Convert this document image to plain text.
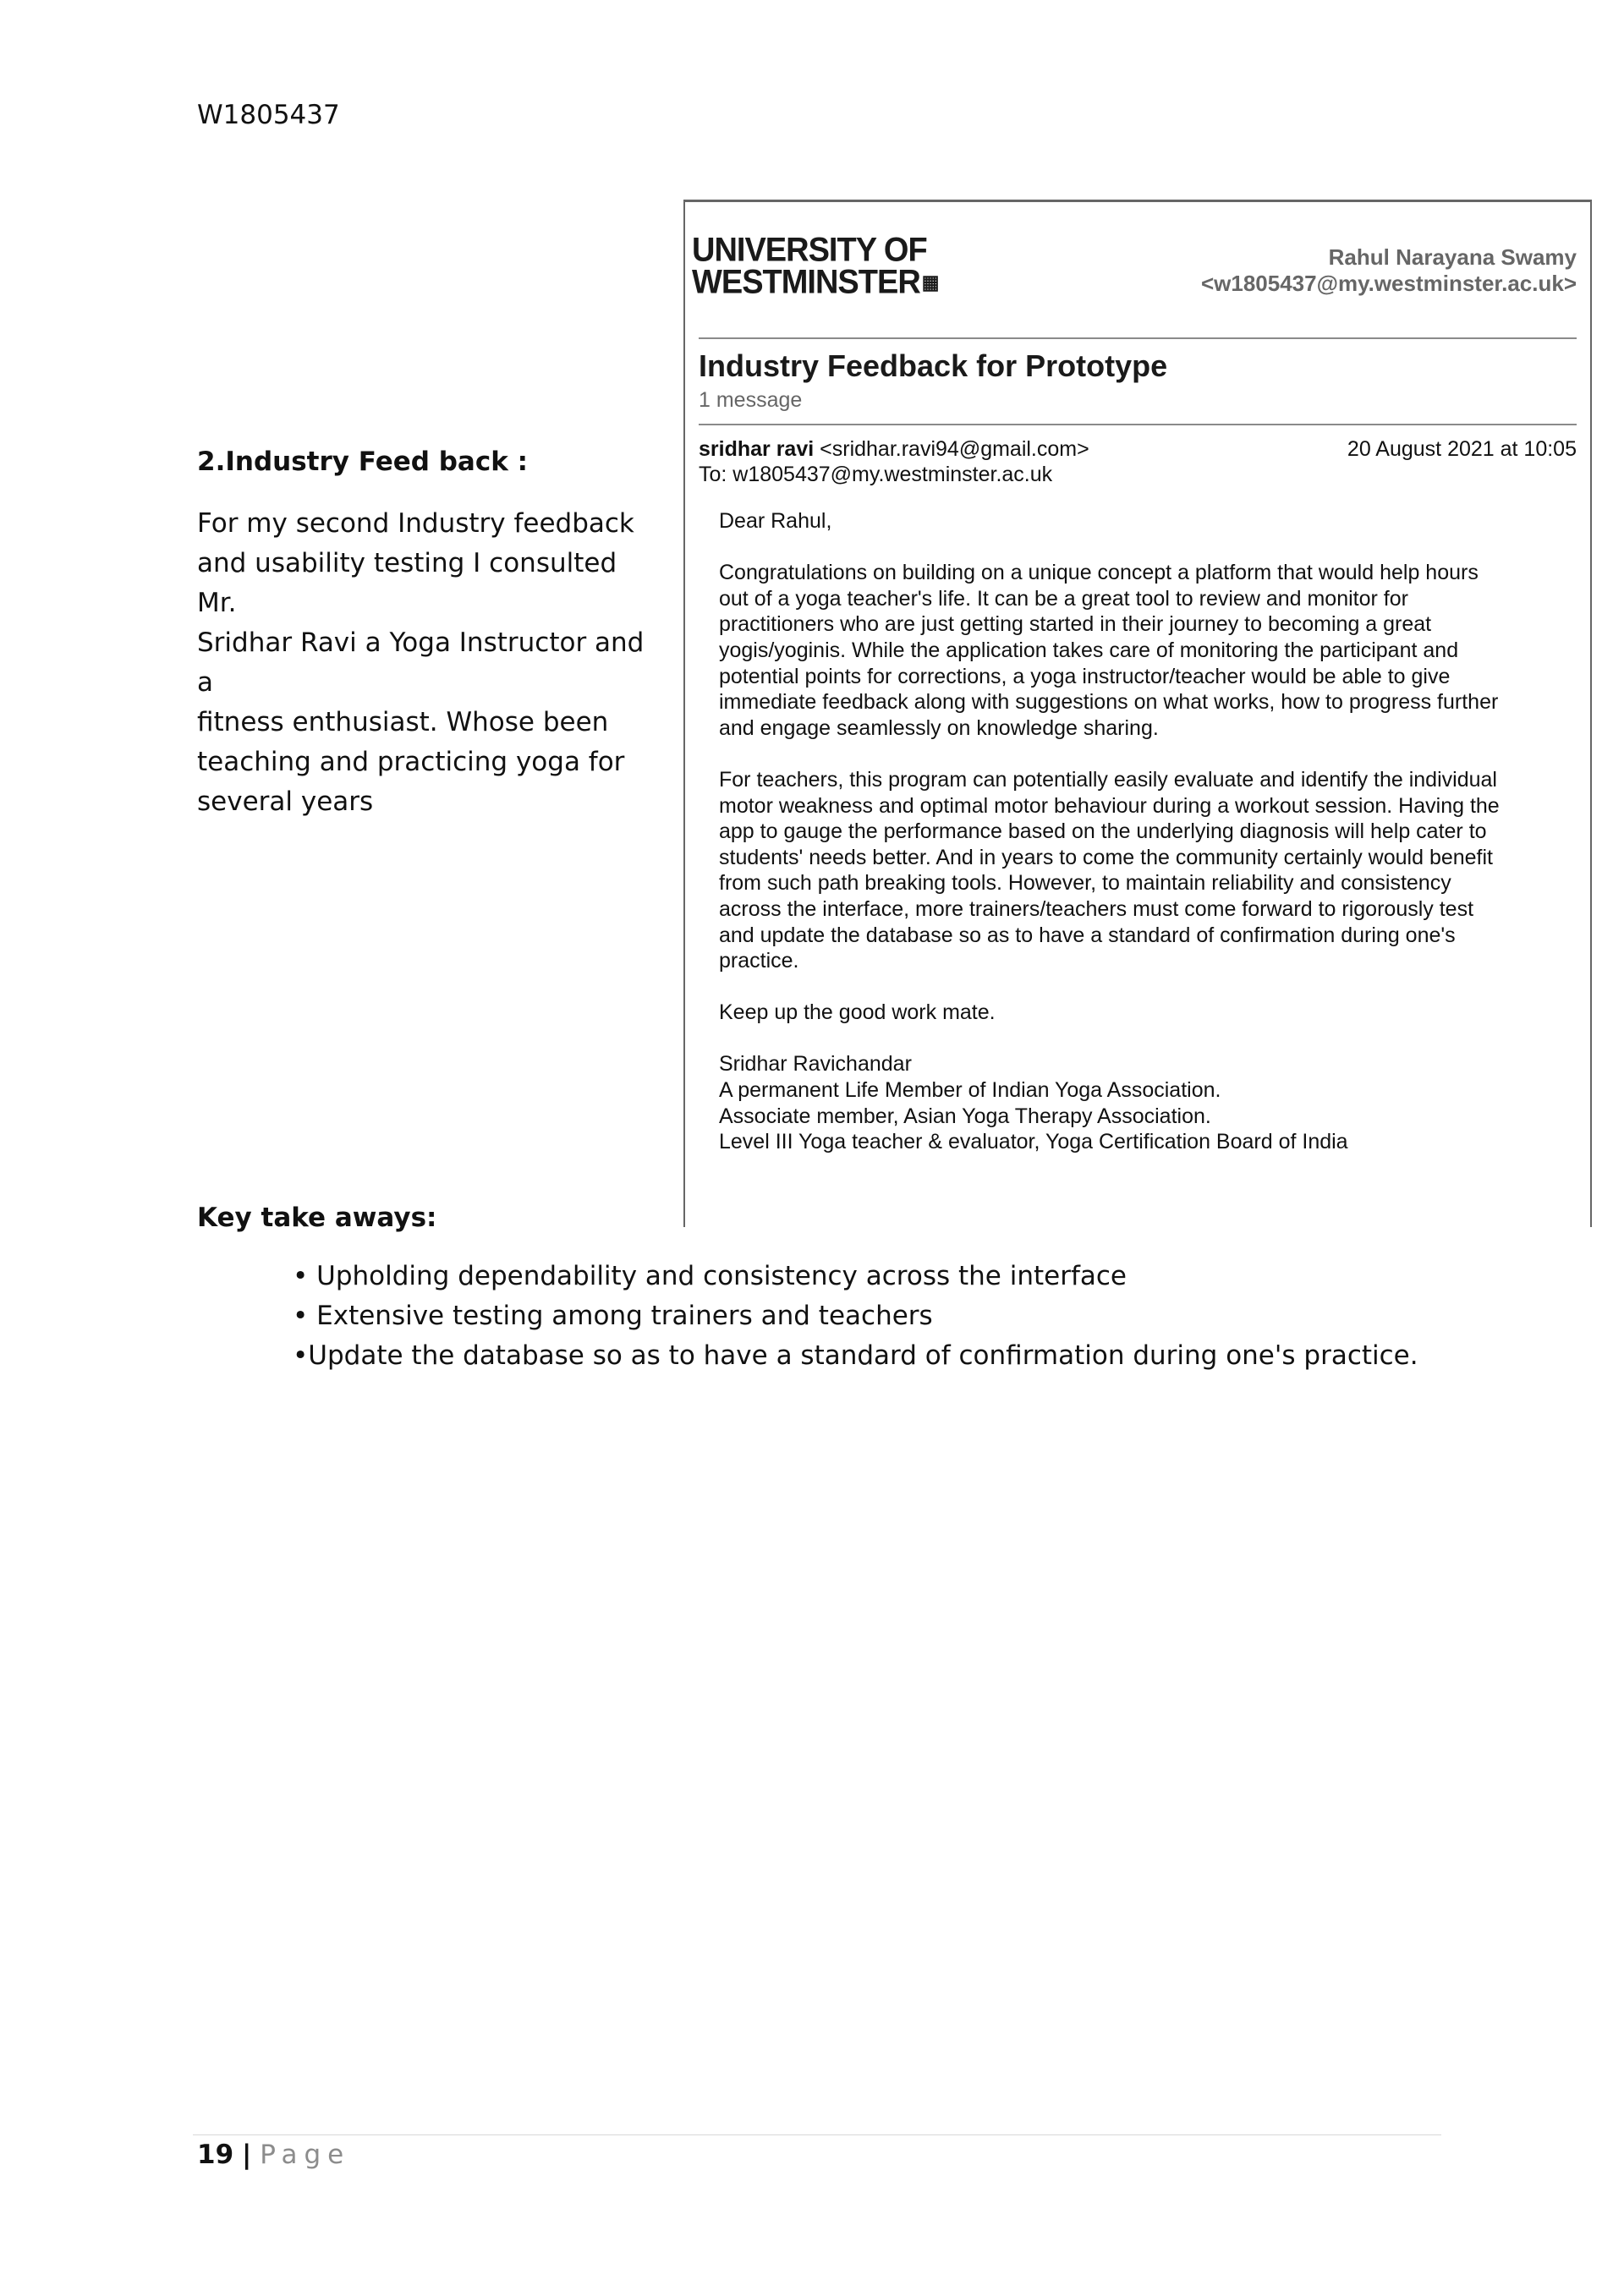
W1805437
2.Industry Feed back :
For my second Industry feedback
and usability testing I consulted Mr.
Sridhar Ravi a Yoga Instructor and a
fitness enthusiast. Whose been
teaching and practicing yoga for
several years
UNIVERSITY OF
WESTMINSTER▦
Rahul Narayana Swamy
<w1805437@my.westminster.ac.uk>
Industry Feedback for Prototype
1 message
sridhar ravi <sridhar.ravi94@gmail.com>	20 August 2021 at 10:05
To: w1805437@my.westminster.ac.uk

Dear Rahul,

Congratulations on building on a unique concept a platform that would help hours
out of a yoga teacher's life. It can be a great tool to review and monitor for
practitioners who are just getting started in their journey to becoming a great
yogis/yoginis. While the application takes care of monitoring the participant and
potential points for corrections, a yoga instructor/teacher would be able to give
immediate feedback along with suggestions on what works, how to progress further
and engage seamlessly on knowledge sharing.

For teachers, this program can potentially easily evaluate and identify the individual
motor weakness and optimal motor behaviour during a workout session. Having the
app to gauge the performance based on the underlying diagnosis will help cater to
students' needs better. And in years to come the community certainly would benefit
from such path breaking tools. However, to maintain reliability and consistency
across the interface, more trainers/teachers must come forward to rigorously test
and update the database so as to have a standard of confirmation during one's
practice.

Keep up the good work mate.

Sridhar Ravichandar
A permanent Life Member of Indian Yoga Association.
Associate member, Asian Yoga Therapy Association.
Level III Yoga teacher & evaluator, Yoga Certification Board of India
Key take aways:
• Upholding dependability and consistency across the interface
• Extensive testing among trainers and teachers
•Update the database so as to have a standard of confirmation during one's practice.
19 | Page
